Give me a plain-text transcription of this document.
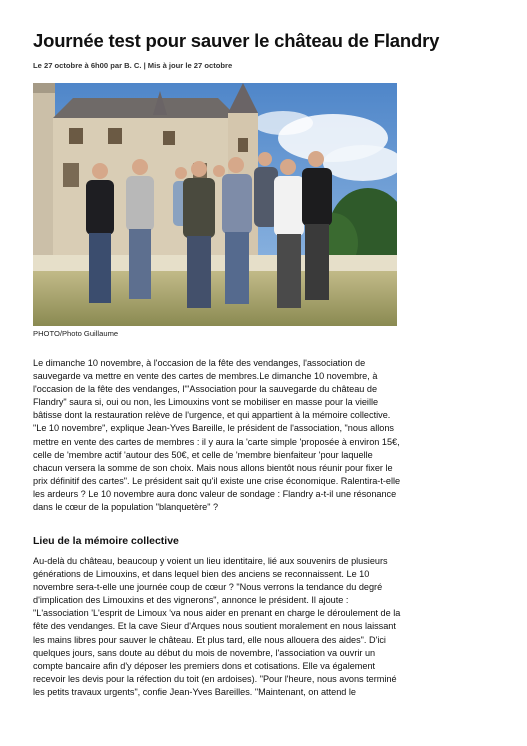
Journée test pour sauver le château de Flandry
Le 27 octobre à 6h00 par B. C. | Mis à jour le 27 octobre
PHOTO/Photo Guillaume

Le dimanche 10 novembre, à l'occasion de la fête des vendanges, l'association de sauvegarde va mettre en vente des cartes de membres.Le dimanche 10 novembre, à l'occasion de la fête des vendanges, l'"Association pour la sauvegarde du château de Flandry" saura si, oui ou non, les Limouxins vont se mobiliser en masse pour la vieille bâtisse dont la restauration relève de l'urgence, et qui appartient à la mémoire collective. "Le 10 novembre", explique Jean-Yves Bareille, le président de l'association, "nous allons mettre en vente des cartes de membres : il y aura la 'carte simple 'proposée à environ 15€, celle de 'membre actif 'autour des 50€, et celle de 'membre bienfaiteur 'pour laquelle chacun versera la somme de son choix. Mais nous allons bientôt nous réunir pour fixer le prix définitif des cartes". Le président sait qu'il existe une crise économique. Ralentira-t-elle les ardeurs ? Le 10 novembre aura donc valeur de sondage : Flandry a-t-il une résonance dans le cœur de la population "blanquetère" ?

Lieu de la mémoire collective

Au-delà du château, beaucoup y voient un lieu identitaire, lié aux souvenirs de plusieurs générations de Limouxins, et dans lequel bien des anciens se reconnaissent. Le 10 novembre sera-t-elle une journée coup de cœur ? "Nous verrons la tendance du degré d'implication des Limouxins et des vignerons", annonce le président. Il ajoute : "L'association 'L'esprit de Limoux 'va nous aider en prenant en charge le déroulement de la fête des vendanges. Et la cave Sieur d'Arques nous soutient moralement en nous laissant les mains libres pour sauver le château. Et plus tard, elle nous allouera des aides". D'ici quelques jours, sans doute au début du mois de novembre, l'association va ouvrir un compte bancaire afin d'y déposer les premiers dons et cotisations. Elle va également recevoir les devis pour la réfection du toit (en ardoises). "Pour l'heure, nous avons terminé les petits travaux urgents", confie Jean-Yves Bareilles. "Maintenant, on attend le
